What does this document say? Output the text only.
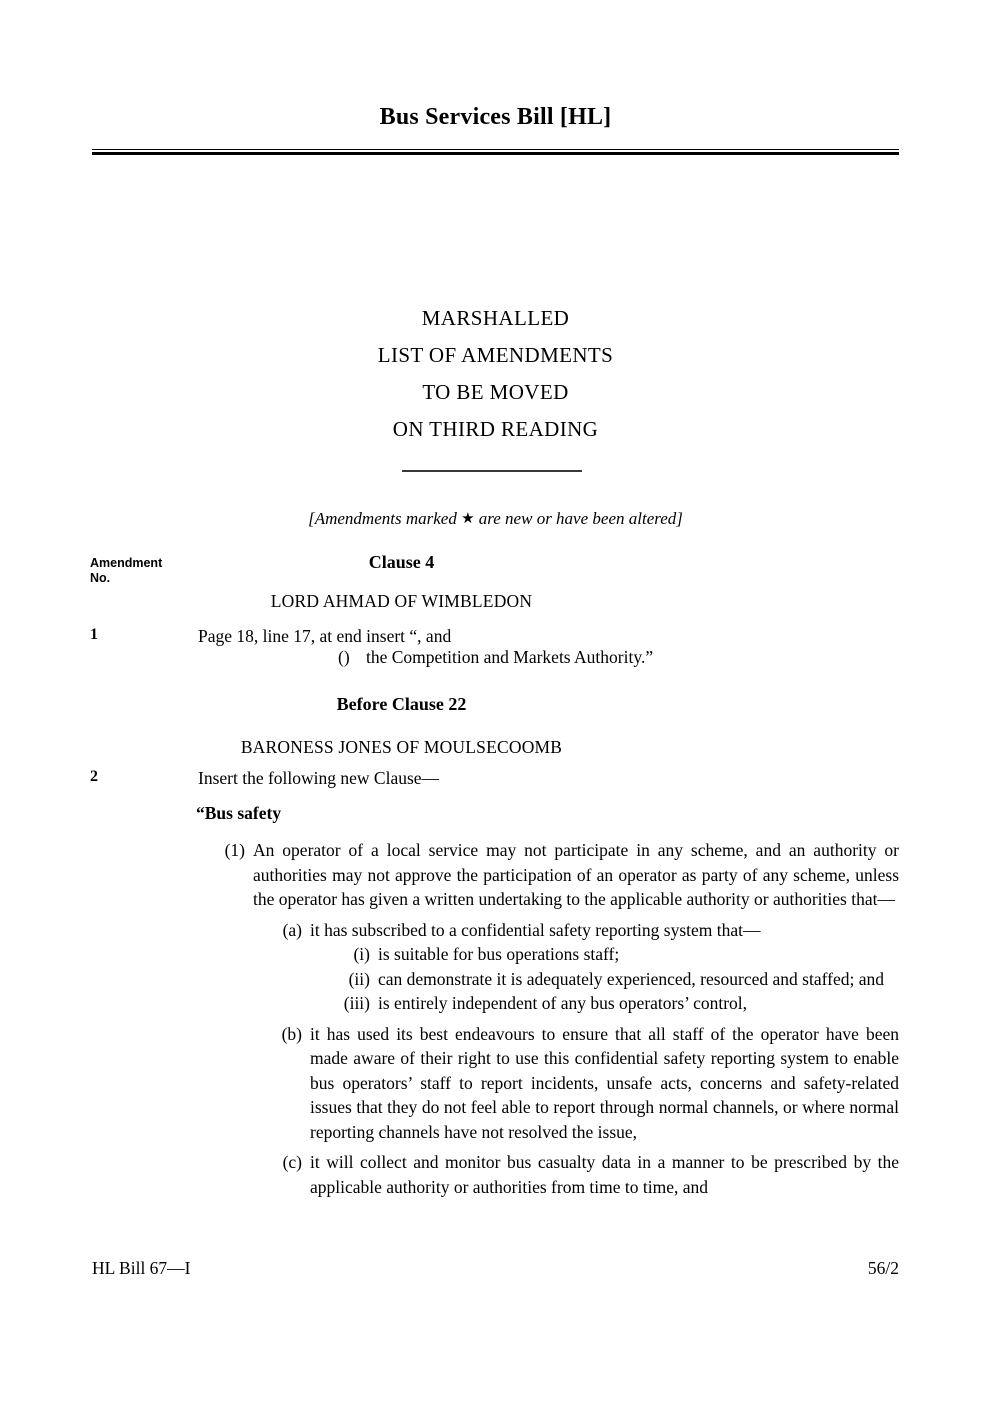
Bus Services Bill [HL]
MARSHALLED
LIST OF AMENDMENTS
TO BE MOVED
ON THIRD READING
[Amendments marked ★ are new or have been altered]
Amendment
No.
Clause 4
LORD AHMAD OF WIMBLEDON
1	Page 18, line 17, at end insert “, and
() the Competition and Markets Authority.”
Before Clause 22
BARONESS JONES OF MOULSECOOMB
2	Insert the following new Clause—
“Bus safety
(1) An operator of a local service may not participate in any scheme, and an authority or authorities may not approve the participation of an operator as party of any scheme, unless the operator has given a written undertaking to the applicable authority or authorities that—
(a) it has subscribed to a confidential safety reporting system that—
(i) is suitable for bus operations staff;
(ii) can demonstrate it is adequately experienced, resourced and staffed; and
(iii) is entirely independent of any bus operators’ control,
(b) it has used its best endeavours to ensure that all staff of the operator have been made aware of their right to use this confidential safety reporting system to enable bus operators’ staff to report incidents, unsafe acts, concerns and safety-related issues that they do not feel able to report through normal channels, or where normal reporting channels have not resolved the issue,
(c) it will collect and monitor bus casualty data in a manner to be prescribed by the applicable authority or authorities from time to time, and
HL Bill 67—I	56/2
